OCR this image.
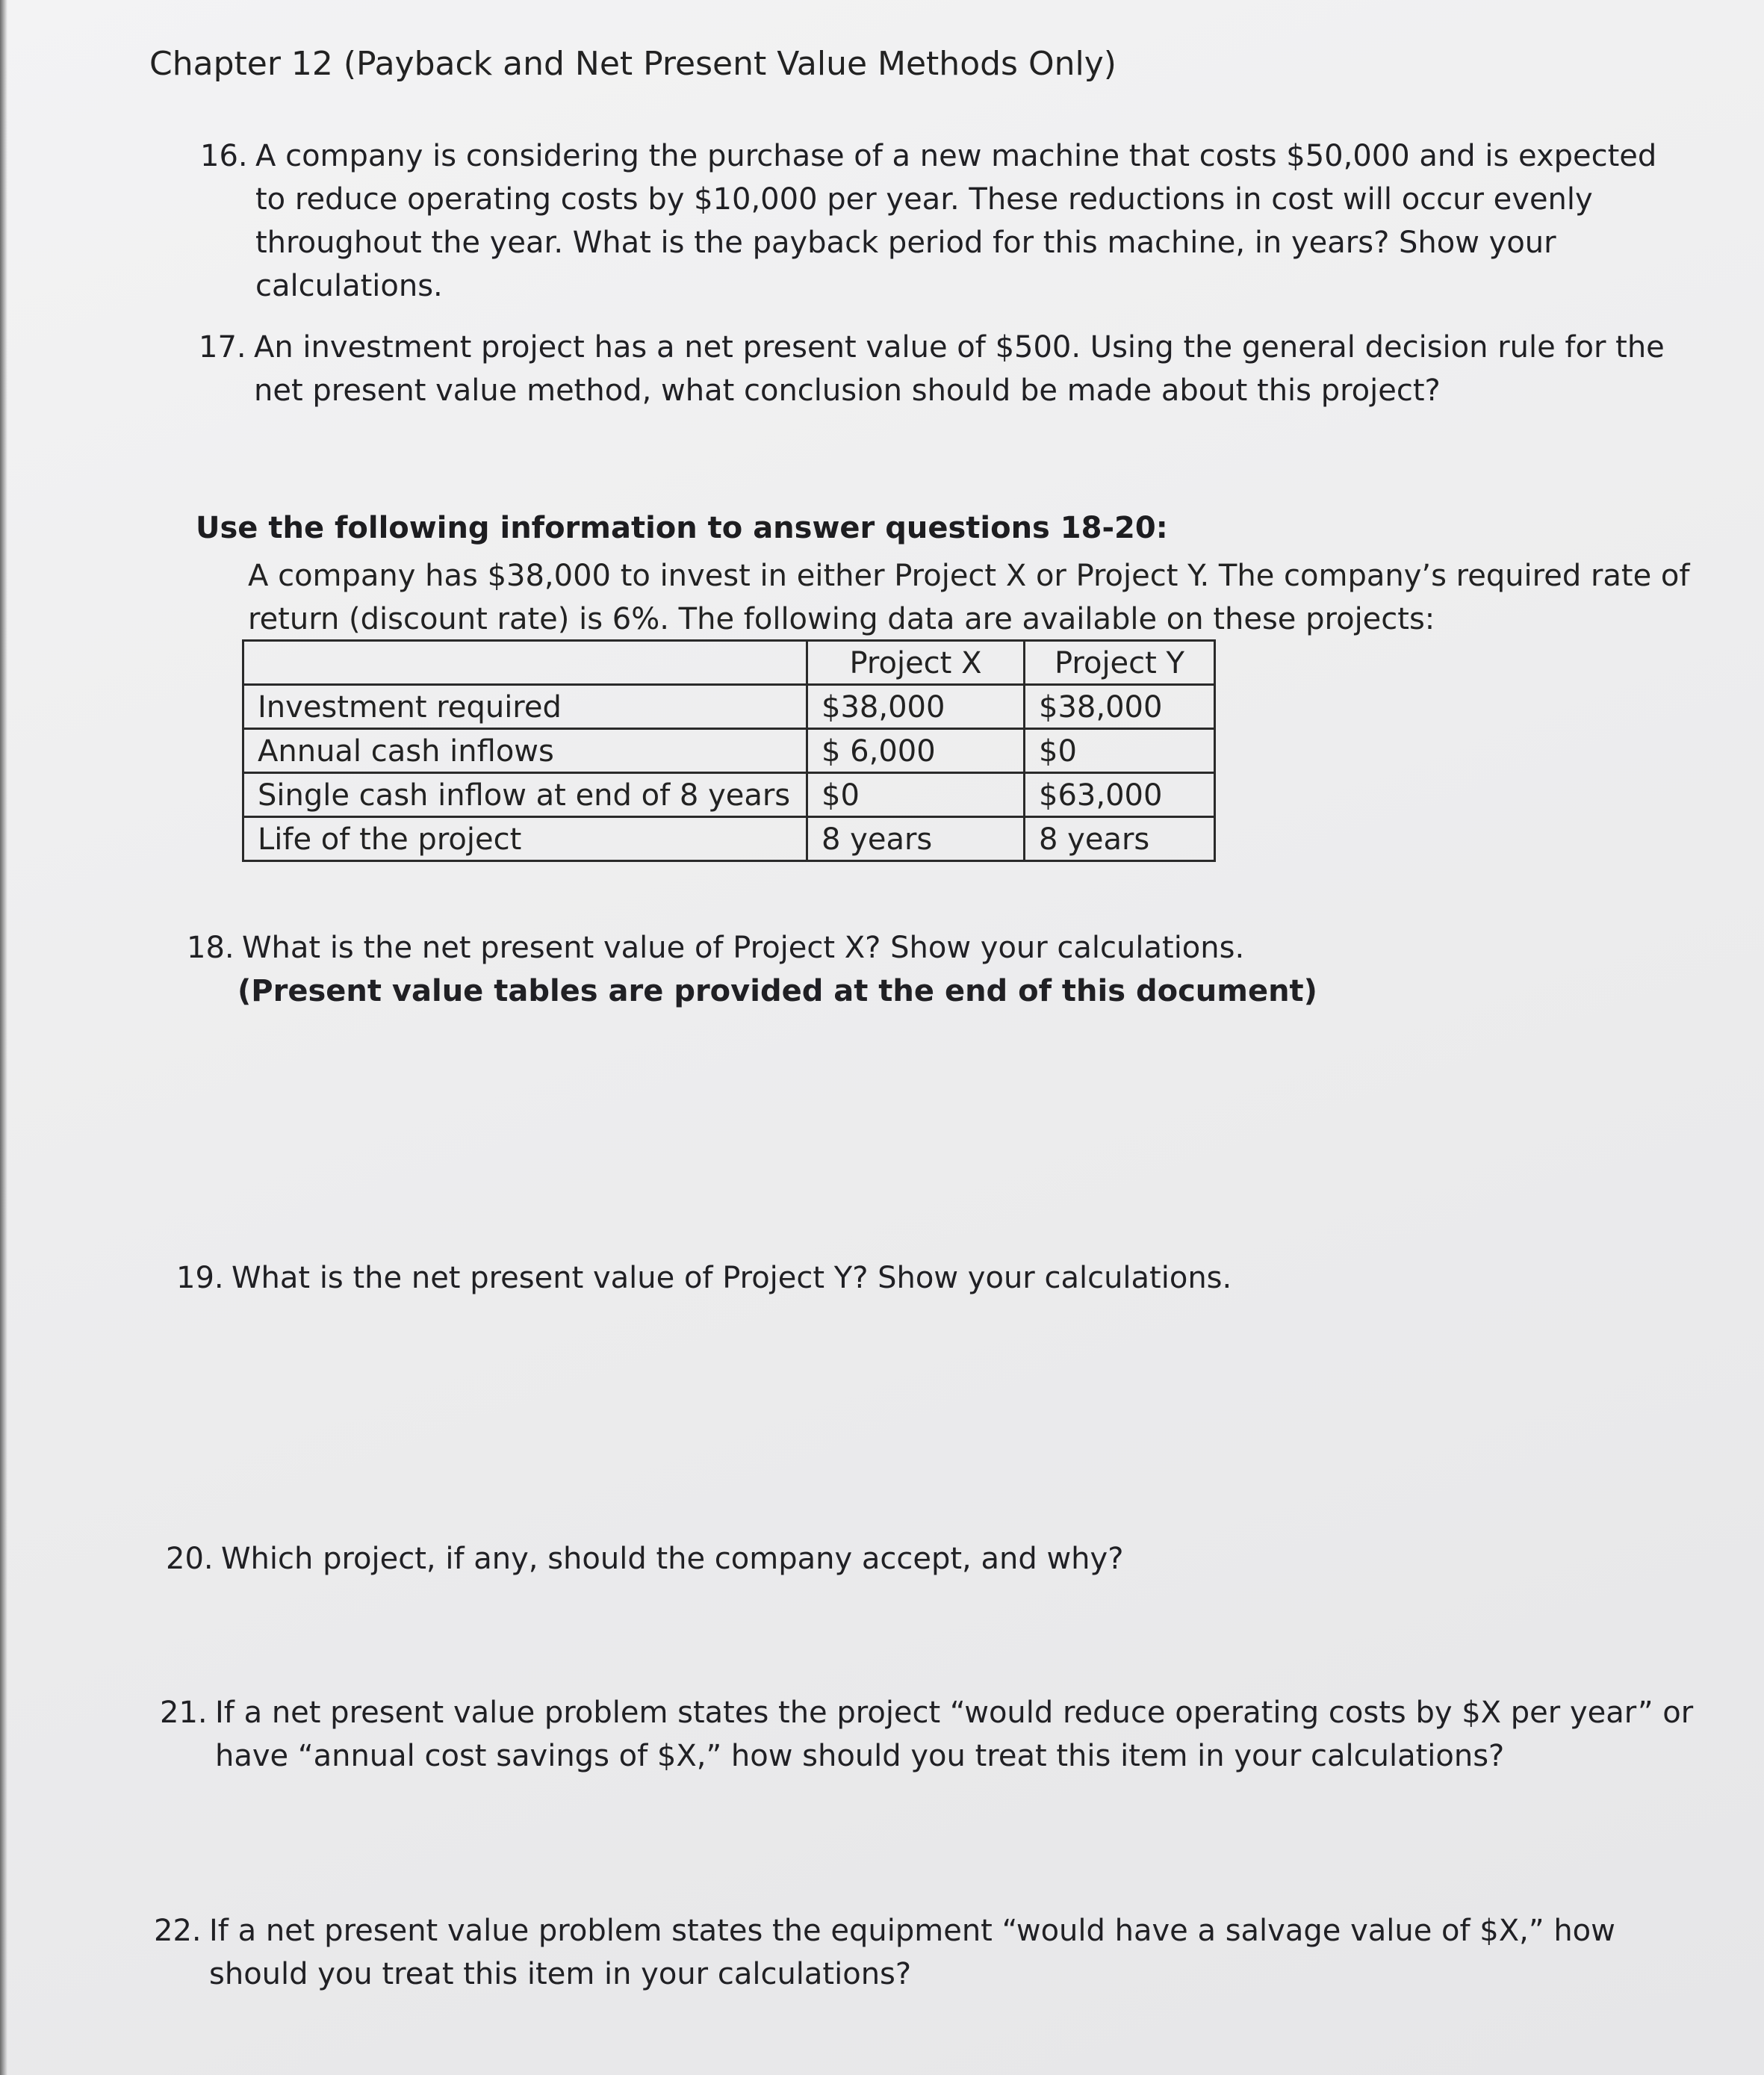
Chapter 12 (Payback and Net Present Value Methods Only)
16. A company is considering the purchase of a new machine that costs $50,000 and is expected to reduce operating costs by $10,000 per year. These reductions in cost will occur evenly throughout the year. What is the payback period for this machine, in years? Show your calculations.
17. An investment project has a net present value of $500. Using the general decision rule for the net present value method, what conclusion should be made about this project?
Use the following information to answer questions 18-20:
A company has $38,000 to invest in either Project X or Project Y. The company’s required rate of return (discount rate) is 6%. The following data are available on these projects:
	Project X	Project Y
Investment required	$38,000	$38,000
Annual cash inflows	$ 6,000	$0
Single cash inflow at end of 8 years	$0	$63,000
Life of the project	8 years	8 years
18. What is the net present value of Project X? Show your calculations.
(Present value tables are provided at the end of this document)
19. What is the net present value of Project Y? Show your calculations.
20. Which project, if any, should the company accept, and why?
21. If a net present value problem states the project “would reduce operating costs by $X per year” or have “annual cost savings of $X,” how should you treat this item in your calculations?
22. If a net present value problem states the equipment “would have a salvage value of $X,” how should you treat this item in your calculations?
